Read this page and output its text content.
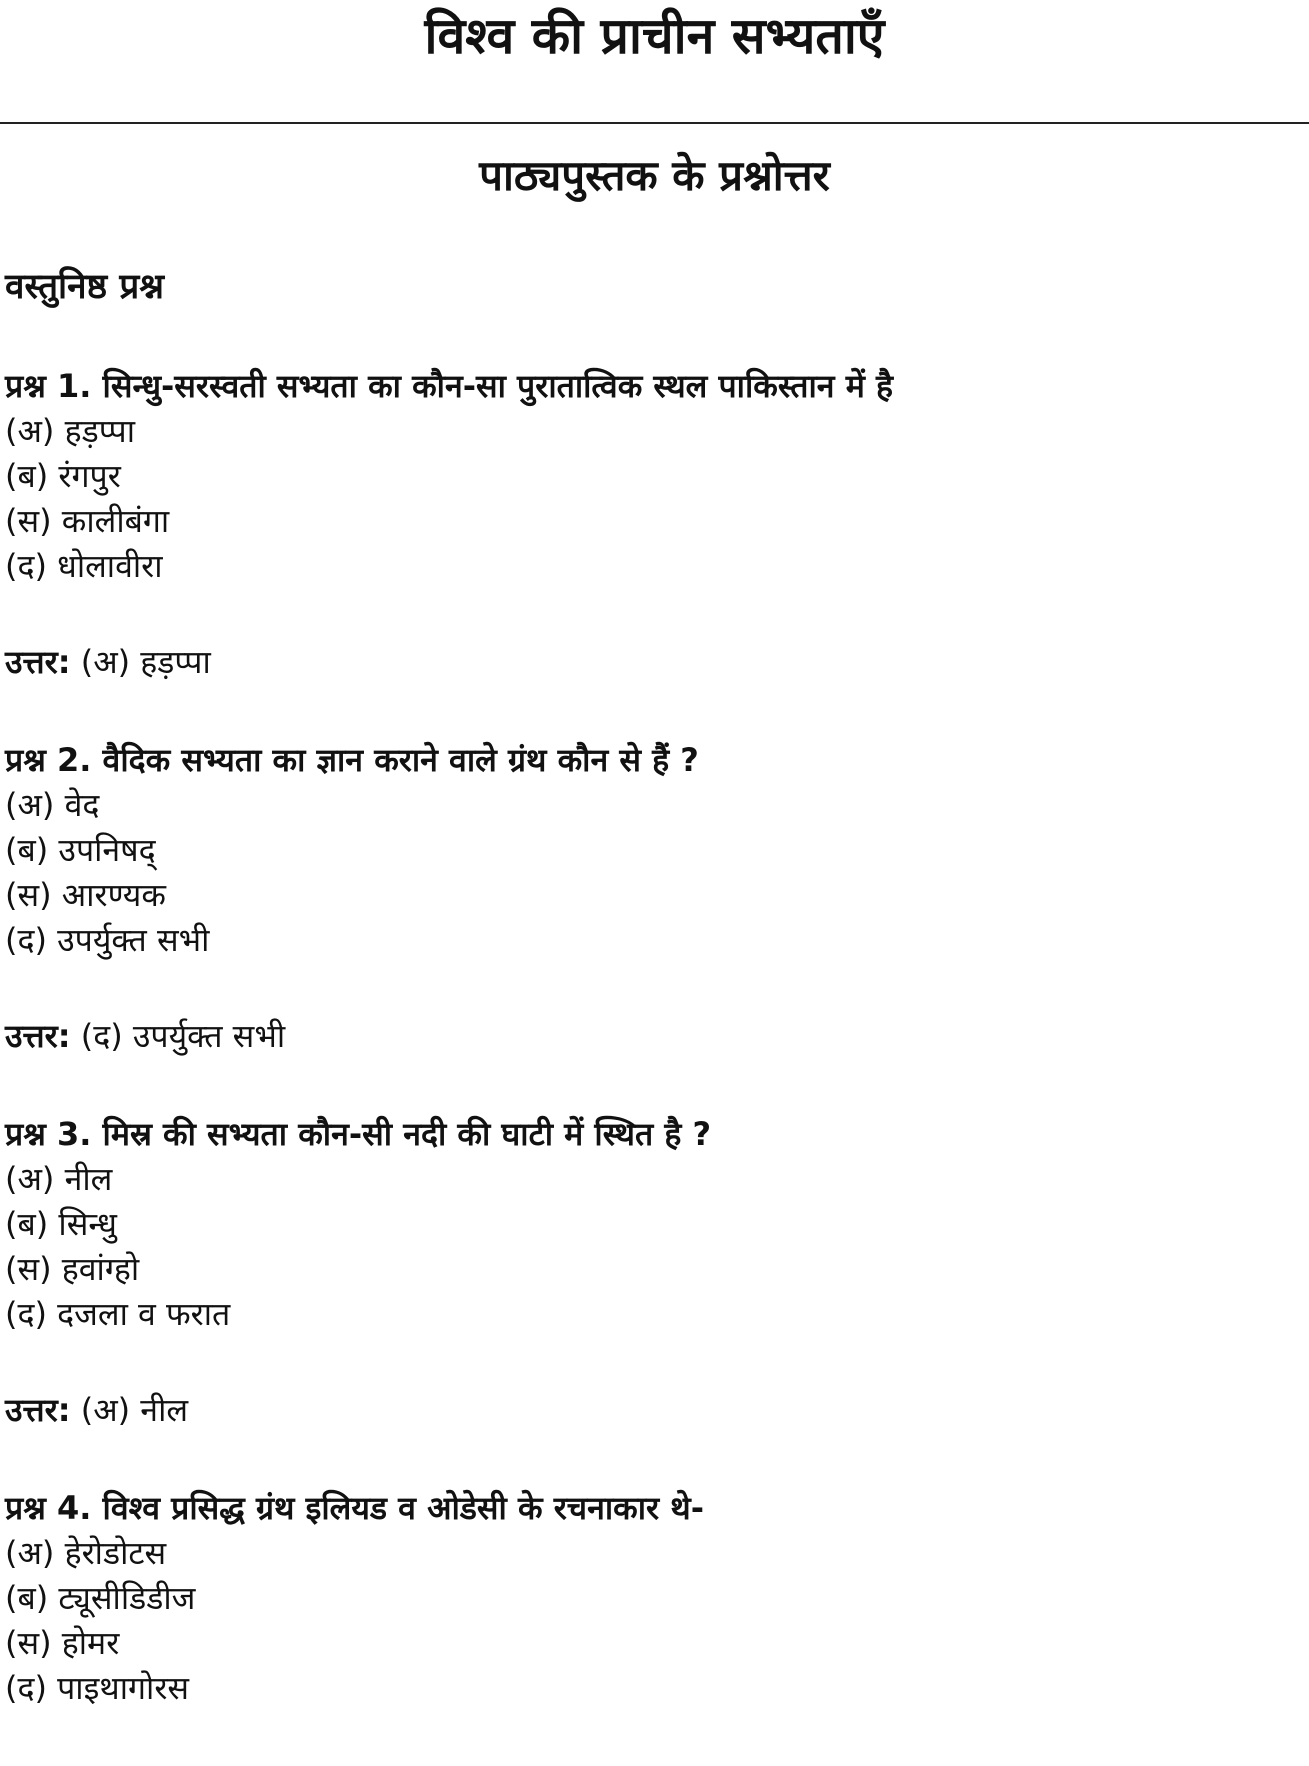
विश्व की प्राचीन सभ्यताएँ
पाठ्यपुस्तक के प्रश्नोत्तर
वस्तुनिष्ठ प्रश्न

प्रश्न 1. सिन्धु-सरस्वती सभ्यता का कौन-सा पुरातात्विक स्थल पाकिस्तान में है

(अ) हड़प्पा

(ब) रंगपुर

(स) कालीबंगा

(द) धोलावीरा

उत्तर: (अ) हड़प्पा

प्रश्न 2. वैदिक सभ्यता का ज्ञान कराने वाले ग्रंथ कौन से हैं ?

(अ) वेद

(ब) उपनिषद्

(स) आरण्यक

(द) उपर्युक्त सभी

उत्तर: (द) उपर्युक्त सभी

प्रश्न 3. मिस्र की सभ्यता कौन-सी नदी की घाटी में स्थित है ?

(अ) नील

(ब) सिन्धु

(स) हवांग्हो

(द) दजला व फरात

उत्तर: (अ) नील

प्रश्न 4. विश्व प्रसिद्ध ग्रंथ इलियड व ओडेसी के रचनाकार थे-

(अ) हेरोडोटस

(ब) ट्यूसीडिडीज

(स) होमर

(द) पाइथागोरस
